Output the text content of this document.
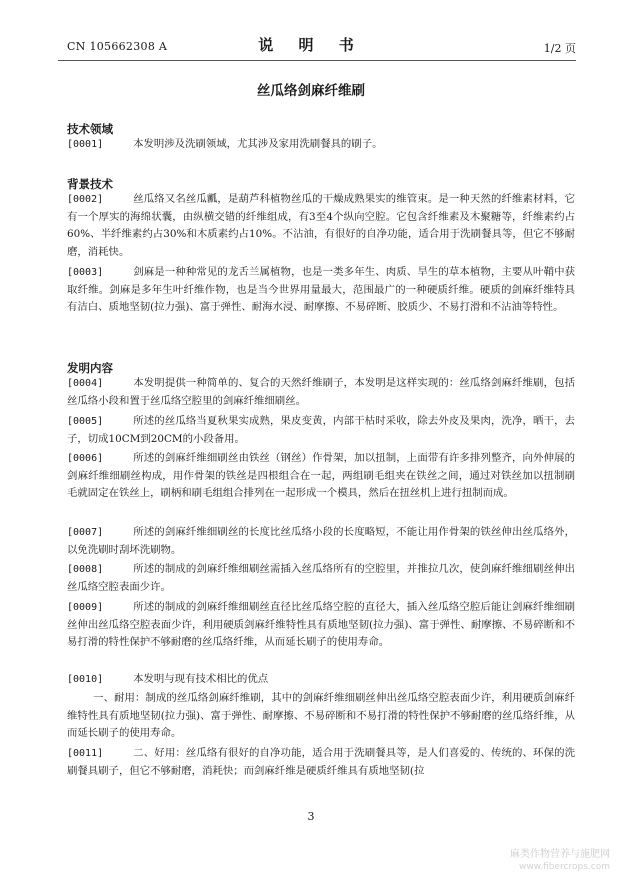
CN 105662308 A	说 明 书	1/2 页
丝瓜络剑麻纤维刷
技术领域
[0001]	本发明涉及洗刷领域，尤其涉及家用洗刷餐具的刷子。
背景技术
[0002]	丝瓜络又名丝瓜瓤，是葫芦科植物丝瓜的干燥成熟果实的维管束。是一种天然的纤维素材料，它有一个厚实的海绵状囊，由纵横交错的纤维组成，有3至4个纵向空腔。它包含纤维素及木聚糖等，纤维素约占60%、半纤维素约占30%和木质素约占10%。不沾油，有很好的自净功能，适合用于洗刷餐具等，但它不够耐磨，消耗快。
[0003]	剑麻是一种种常见的龙舌兰属植物，也是一类多年生、肉质、旱生的草本植物，主要从叶鞘中获取纤维。剑麻是多年生叶纤维作物，也是当今世界用量最大，范围最广的一种硬质纤维。硬质的剑麻纤维特具有洁白、质地坚韧(拉力强)、富于弹性、耐海水浸、耐摩擦、不易碎断、胶质少、不易打滑和不沾油等特性。
发明内容
[0004]	本发明提供一种简单的、复合的天然纤维刷子，本发明是这样实现的：丝瓜络剑麻纤维刷，包括丝瓜络小段和置于丝瓜络空腔里的剑麻纤维细刷丝。
[0005]	所述的丝瓜络当夏秋果实成熟，果皮变黄，内部干枯时采收，除去外皮及果肉，洗净，晒干，去子，切成10CM到20CM的小段备用。
[0006]	所述的剑麻纤维细刷丝由铁丝（钢丝）作骨架，加以扭制，上面带有许多排列整齐，向外伸展的剑麻纤维细刷丝构成，用作骨架的铁丝是四根组合在一起，两组刷毛组夹在铁丝之间，通过对铁丝加以扭制刷毛就固定在铁丝上，刷柄和刷毛组组合排列在一起形成一个模具，然后在扭丝机上进行扭制而成。
[0007]	所述的剑麻纤维细刷丝的长度比丝瓜络小段的长度略短，不能让用作骨架的铁丝伸出丝瓜络外，以免洗刷时刮坏洗刷物。
[0008]	所述的制成的剑麻纤维细刷丝需插入丝瓜络所有的空腔里，并推拉几次，使剑麻纤维细刷丝伸出丝瓜络空腔表面少许。
[0009]	所述的制成的剑麻纤维细刷丝直径比丝瓜络空腔的直径大，插入丝瓜络空腔后能让剑麻纤维细刷丝伸出丝瓜络空腔表面少许，利用硬质剑麻纤维特性具有质地坚韧(拉力强)、富于弹性、耐摩擦、不易碎断和不易打滑的特性保护不够耐磨的丝瓜络纤维，从而延长刷子的使用寿命。
[0010]	本发明与现有技术相比的优点
一、耐用：制成的丝瓜络剑麻纤维刷，其中的剑麻纤维细刷丝伸出丝瓜络空腔表面少许，利用硬质剑麻纤维特性具有质地坚韧(拉力强)、富于弹性、耐摩擦、不易碎断和不易打滑的特性保护不够耐磨的丝瓜络纤维，从而延长刷子的使用寿命。
[0011]	二、好用：丝瓜络有很好的自净功能，适合用于洗刷餐具等，是人们喜爱的、传统的、环保的洗刷餐具刷子，但它不够耐磨，消耗快；而剑麻纤维是硬质纤维具有质地坚韧(拉
3
麻类作物营养与施肥网
www.fibercrops.com
